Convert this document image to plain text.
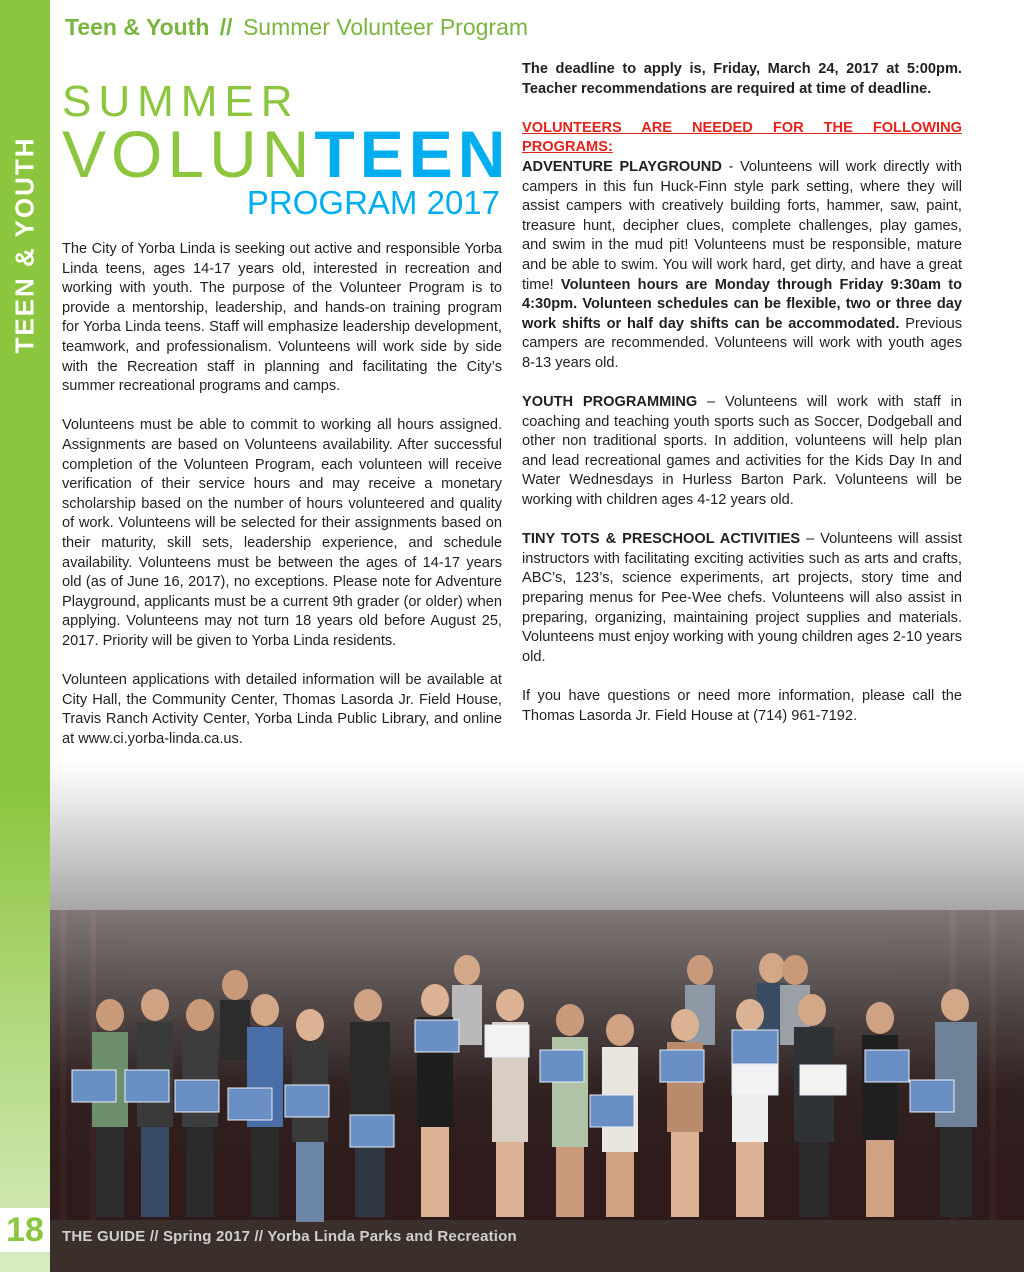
TEEN & YOUTH
18
Teen & Youth // Summer Volunteer Program
SUMMER
VOLUNTEEN
PROGRAM 2017

The City of Yorba Linda is seeking out active and responsible Yorba Linda teens, ages 14-17 years old, interested in recreation and working with youth. The purpose of the Volunteer Program is to provide a mentorship, leadership, and hands-on training program for Yorba Linda teens. Staff will emphasize leadership development, teamwork, and professionalism. Volunteens will work side by side with the Recreation staff in planning and facilitating the City’s summer recreational programs and camps.

Volunteens must be able to commit to working all hours assigned. Assignments are based on Volunteens availability. After successful completion of the Volunteen Program, each volunteen will receive verification of their service hours and may receive a monetary scholarship based on the number of hours volunteered and quality of work. Volunteens will be selected for their assignments based on their maturity, skill sets, leadership experience, and schedule availability. Volunteens must be between the ages of 14-17 years old (as of June 16, 2017), no exceptions. Please note for Adventure Playground, applicants must be a current 9th grader (or older) when applying. Volunteens may not turn 18 years old before August 25, 2017. Priority will be given to Yorba Linda residents.

Volunteen applications with detailed information will be available at City Hall, the Community Center, Thomas Lasorda Jr. Field House, Travis Ranch Activity Center, Yorba Linda Public Library, and online at www.ci.yorba-linda.ca.us.

The deadline to apply is, Friday, March 24, 2017 at 5:00pm. Teacher recommendations are required at time of deadline.

VOLUNTEERS ARE NEEDED FOR THE FOLLOWING PROGRAMS:

ADVENTURE PLAYGROUND - Volunteens will work directly with campers in this fun Huck-Finn style park setting, where they will assist campers with creatively building forts, hammer, saw, paint, treasure hunt, decipher clues, complete challenges, play games, and swim in the mud pit! Volunteens must be responsible, mature and be able to swim. You will work hard, get dirty, and have a great time! Volunteen hours are Monday through Friday 9:30am to 4:30pm. Volunteen schedules can be flexible, two or three day work shifts or half day shifts can be accommodated. Previous campers are recommended. Volunteens will work with youth ages 8-13 years old.

YOUTH PROGRAMMING – Volunteens will work with staff in coaching and teaching youth sports such as Soccer, Dodgeball and other non traditional sports. In addition, volunteens will help plan and lead recreational games and activities for the Kids Day In and Water Wednesdays in Hurless Barton Park. Volunteens will be working with children ages 4-12 years old.

TINY TOTS & PRESCHOOL ACTIVITIES – Volunteens will assist instructors with facilitating exciting activities such as arts and crafts, ABC’s, 123’s, science experiments, art projects, story time and preparing menus for Pee-Wee chefs. Volunteens will also assist in preparing, organizing, maintaining project supplies and materials. Volunteens must enjoy working with young children ages 2-10 years old.

If you have questions or need more information, please call the Thomas Lasorda Jr. Field House at (714) 961-7192.

THE GUIDE // Spring 2017 // Yorba Linda Parks and Recreation
